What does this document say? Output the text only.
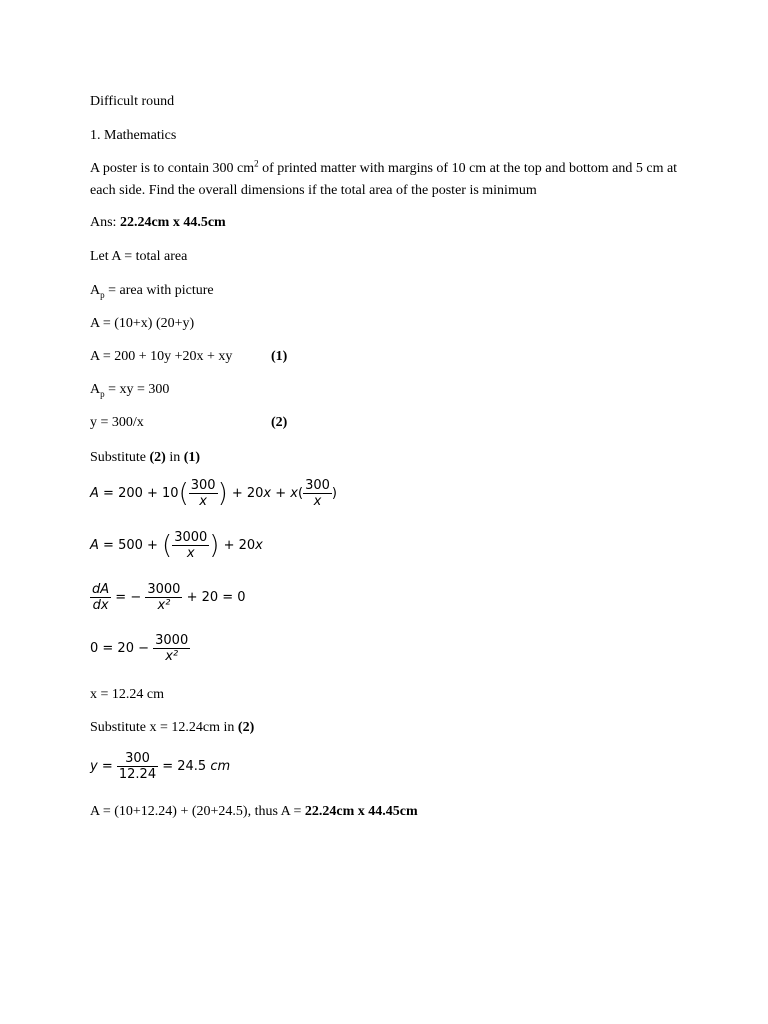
Difficult round
1. Mathematics
A poster is to contain 300 $cm^2$ of printed matter with margins of 10 cm at the top and bottom and 5 cm at each side. Find the overall dimensions if the total area of the poster is minimum
Ans: 22.24cm x 44.5cm
Let A = total area
$A_p$ = area with picture
A = (10+x) (20+y)
A = 200 + 10y +20x + xy	(1)
$A_p$ = xy = 300
y = 300/x	(2)
Substitute (2) in (1)
$A = 200 + 10( \frac{300}{x}$ ) + $20x + x( \frac{300}{x}$ )
A = 500 + ( $\frac{3000}{x}$ ) + 20x
$\frac{dA}{dx}$ = − $\frac{3000}{\text{x²}} + 20 = 0$
$0 = 20 - \frac{3000}{\text{x²}}$
x = 12.24 cm
Substitute x = 12.24cm in (2)
$y = \frac{300}{12.24} = 24.5$ cm
A = (10+12.24) + (20+24.5), thus A = 22.24cm x 44.45cm
